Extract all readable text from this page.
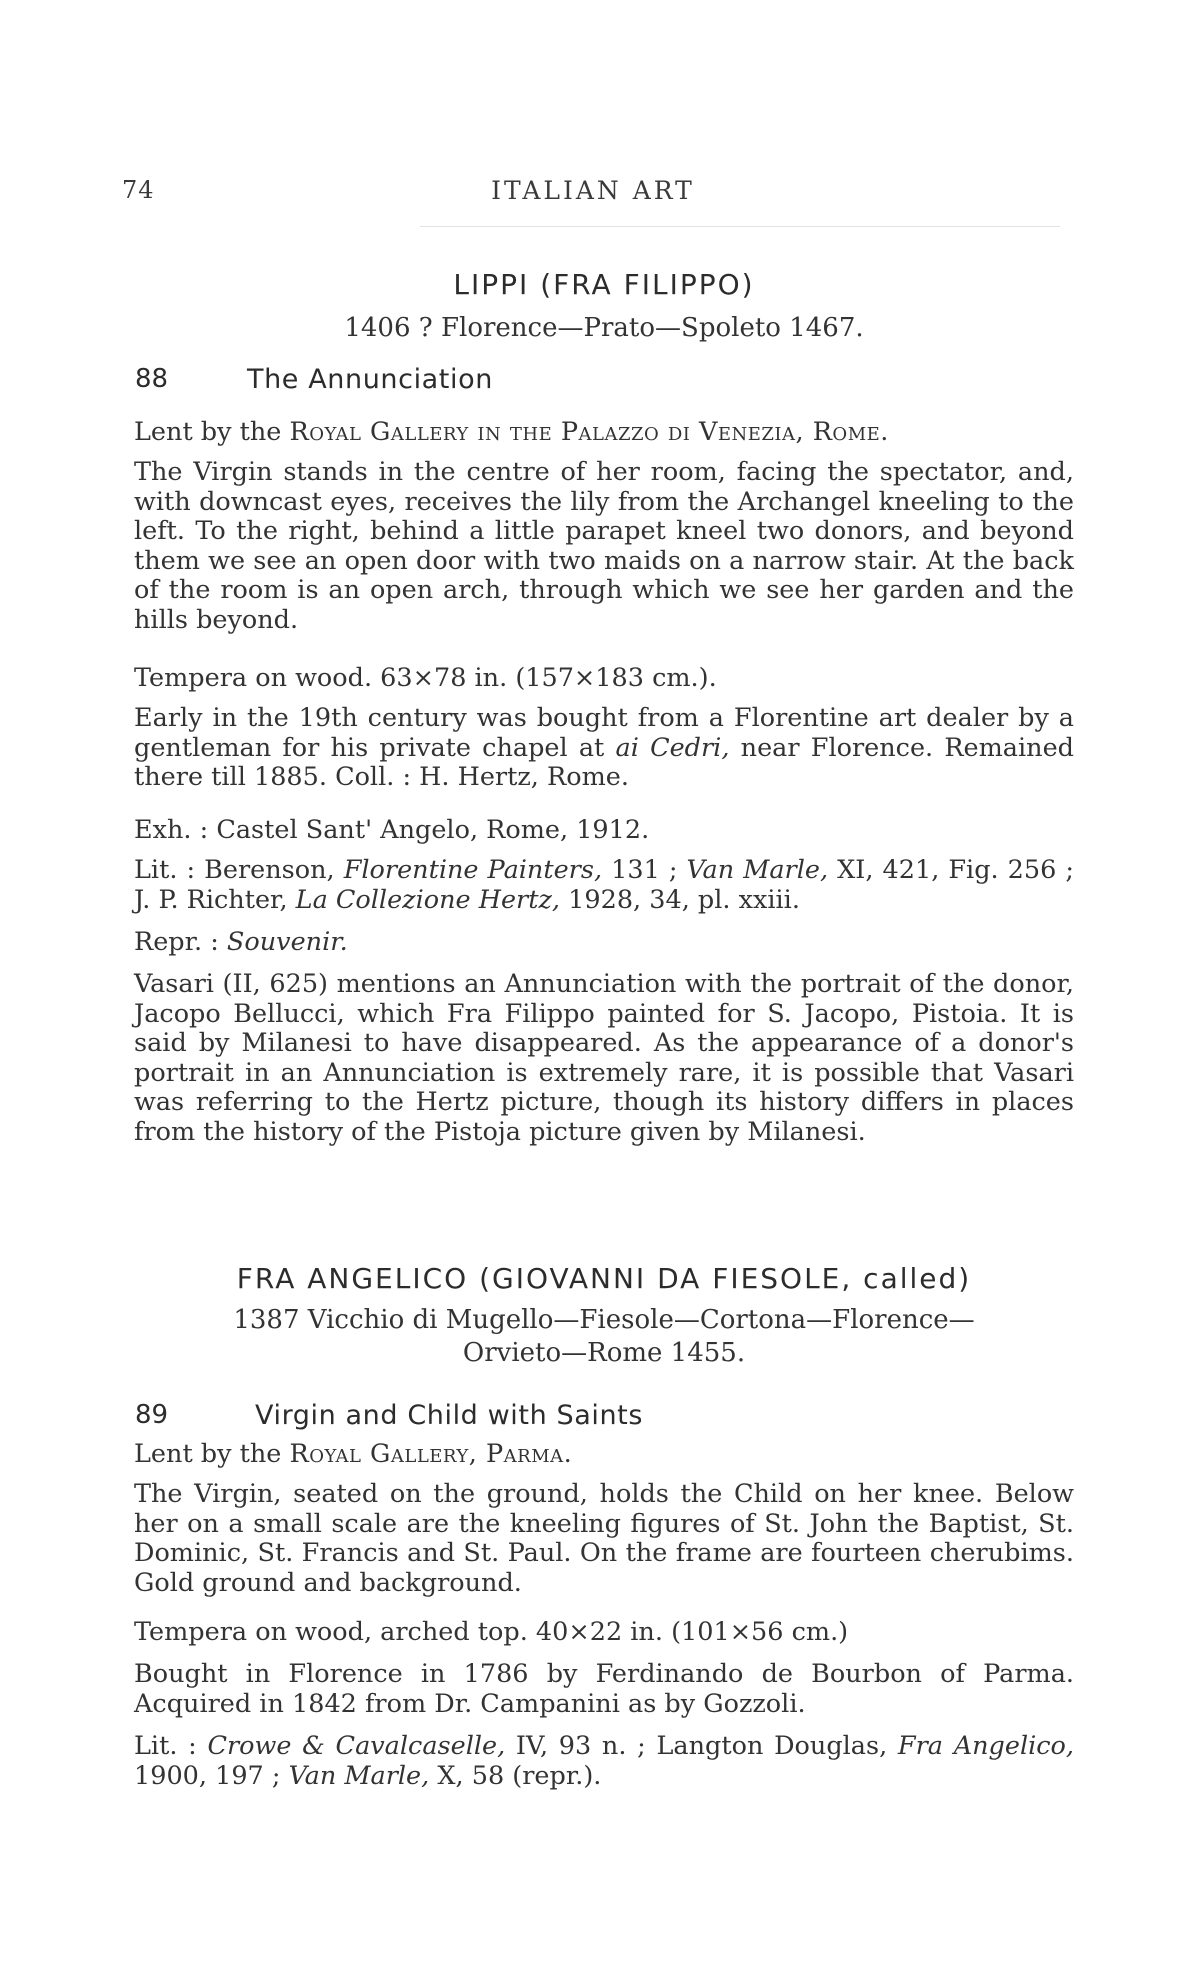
74	ITALIAN ART
LIPPI (FRA FILIPPO)
1406 ? Florence—Prato—Spoleto 1467.
88	The Annunciation

Lent by the Royal Gallery in the Palazzo di Venezia, Rome.

The Virgin stands in the centre of her room, facing the spectator, and, with downcast eyes, receives the lily from the Archangel kneeling to the left. To the right, behind a little parapet kneel two donors, and beyond them we see an open door with two maids on a narrow stair. At the back of the room is an open arch, through which we see her garden and the hills beyond.

Tempera on wood. 63×78 in. (157×183 cm.).

Early in the 19th century was bought from a Florentine art dealer by a gentleman for his private chapel at ai Cedri, near Florence. Remained there till 1885. Coll. : H. Hertz, Rome.

Exh. : Castel Sant' Angelo, Rome, 1912.

Lit. : Berenson, Florentine Painters, 131 ; Van Marle, XI, 421, Fig. 256 ; J. P. Richter, La Collezione Hertz, 1928, 34, pl. xxiii.

Repr. : Souvenir.

Vasari (II, 625) mentions an Annunciation with the portrait of the donor, Jacopo Bellucci, which Fra Filippo painted for S. Jacopo, Pistoia. It is said by Milanesi to have disappeared. As the appearance of a donor's portrait in an Annunciation is extremely rare, it is possible that Vasari was referring to the Hertz picture, though its history differs in places from the history of the Pistoja picture given by Milanesi.

FRA ANGELICO (GIOVANNI DA FIESOLE, called)
1387 Vicchio di Mugello—Fiesole—Cortona—Florence—
Orvieto—Rome 1455.
89	Virgin and Child with Saints

Lent by the Royal Gallery, Parma.

The Virgin, seated on the ground, holds the Child on her knee. Below her on a small scale are the kneeling figures of St. John the Baptist, St. Dominic, St. Francis and St. Paul. On the frame are fourteen cherubims. Gold ground and background.

Tempera on wood, arched top. 40×22 in. (101×56 cm.)

Bought in Florence in 1786 by Ferdinando de Bourbon of Parma. Acquired in 1842 from Dr. Campanini as by Gozzoli.

Lit. : Crowe & Cavalcaselle, IV, 93 n. ; Langton Douglas, Fra Angelico, 1900, 197 ; Van Marle, X, 58 (repr.).
